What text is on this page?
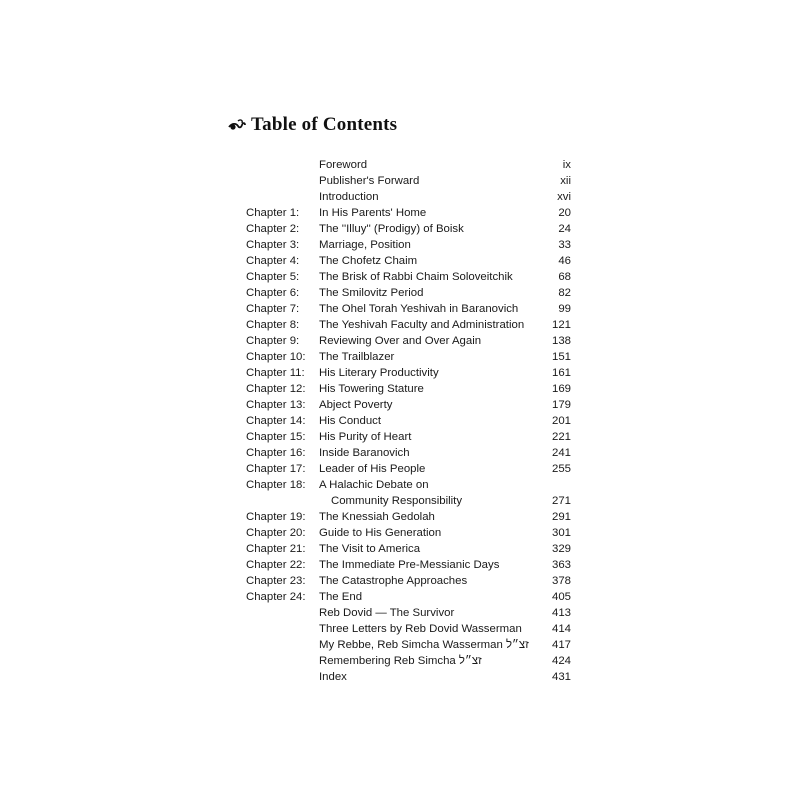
Table of Contents
Foreword	ix
Publisher's Forward	xii
Introduction	xvi
Chapter 1: In His Parents' Home	20
Chapter 2: The ''Illuy'' (Prodigy) of Boisk	24
Chapter 3: Marriage, Position	33
Chapter 4: The Chofetz Chaim	46
Chapter 5: The Brisk of Rabbi Chaim Soloveitchik	68
Chapter 6: The Smilovitz Period	82
Chapter 7: The Ohel Torah Yeshivah in Baranovich	99
Chapter 8: The Yeshivah Faculty and Administration 121
Chapter 9: Reviewing Over and Over Again	138
Chapter 10: The Trailblazer	151
Chapter 11: His Literary Productivity	161
Chapter 12: His Towering Stature	169
Chapter 13: Abject Poverty	179
Chapter 14: His Conduct	201
Chapter 15: His Purity of Heart	221
Chapter 16: Inside Baranovich	241
Chapter 17: Leader of His People	255
Chapter 18: A Halachic Debate on
Community Responsibility	271
Chapter 19: The Knessiah Gedolah	291
Chapter 20: Guide to His Generation	301
Chapter 21: The Visit to America	329
Chapter 22: The Immediate Pre-Messianic Days	363
Chapter 23: The Catastrophe Approaches	378
Chapter 24: The End	405
Reb Dovid — The Survivor	413
Three Letters by Reb Dovid Wasserman	414
My Rebbe, Reb Simcha Wasserman זצ״ל 417
Remembering Reb Simcha זצ״ל	424
Index	431
